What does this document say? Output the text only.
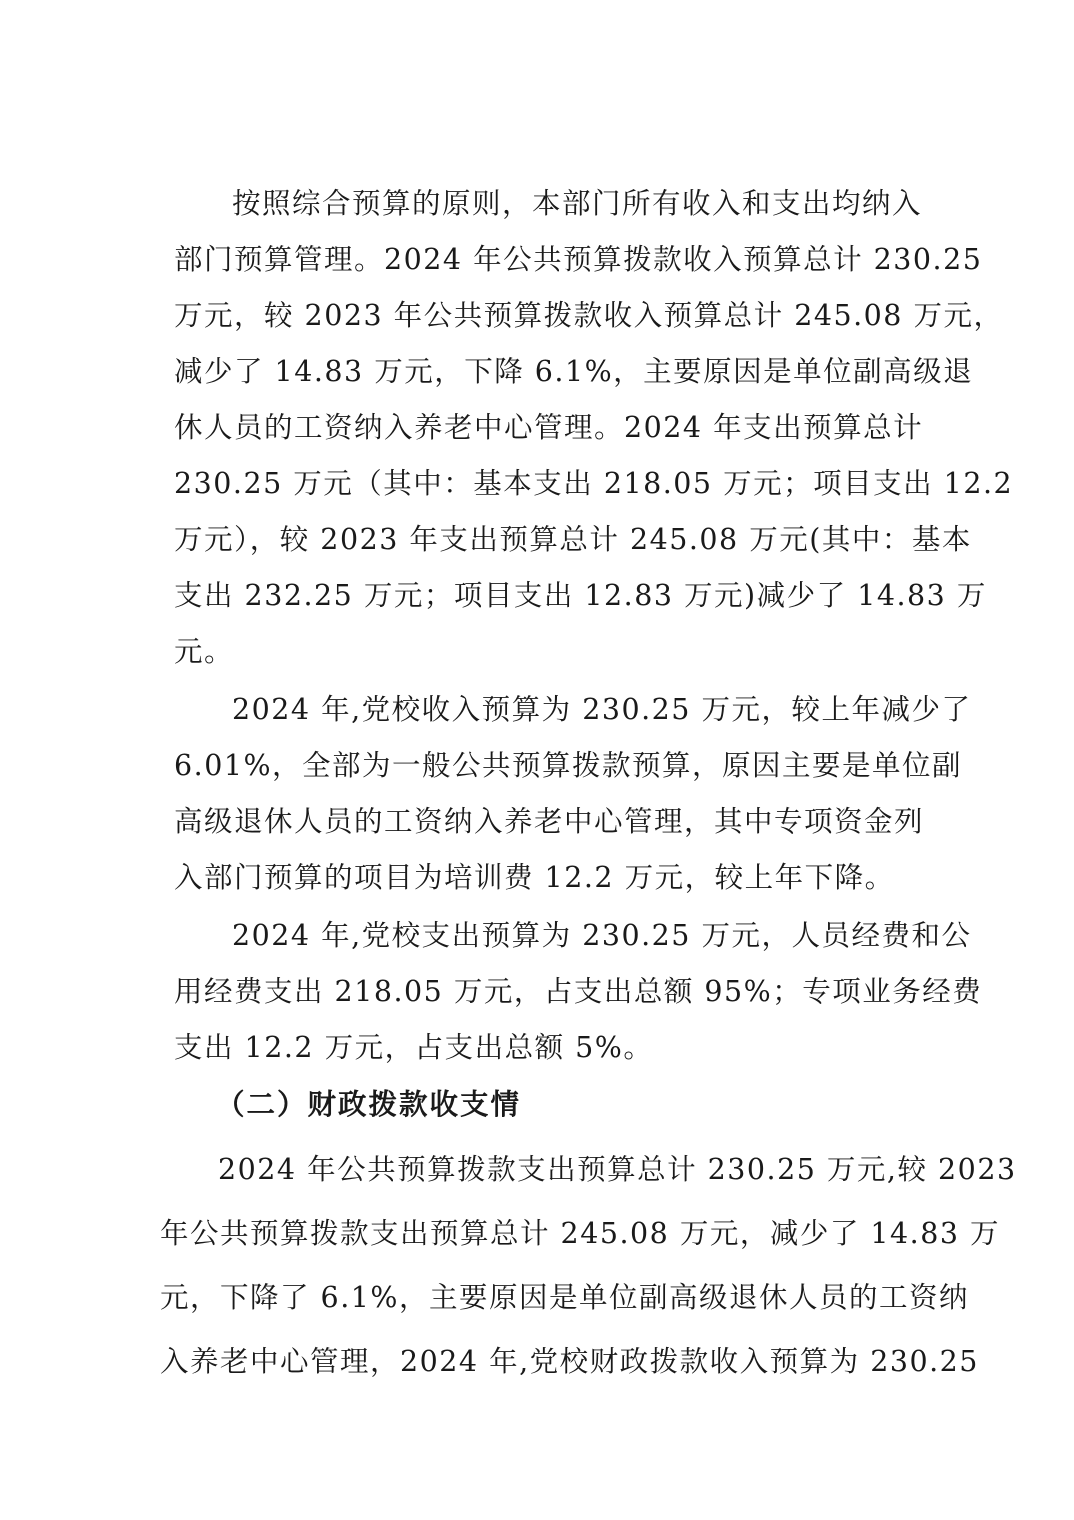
按照综合预算的原则，本部门所有收入和支出均纳入
部门预算管理。2024 年公共预算拨款收入预算总计 230.25
万元，较 2023 年公共预算拨款收入预算总计 245.08 万元，
减少了 14.83 万元，下降 6.1%，主要原因是单位副高级退
休人员的工资纳入养老中心管理。2024 年支出预算总计
230.25 万元（其中：基本支出 218.05 万元；项目支出 12.2
万元），较 2023 年支出预算总计 245.08 万元(其中：基本
支出 232.25 万元；项目支出 12.83 万元)减少了 14.83 万
元。
2024 年,党校收入预算为 230.25 万元，较上年减少了
6.01%，全部为一般公共预算拨款预算，原因主要是单位副
高级退休人员的工资纳入养老中心管理，其中专项资金列
入部门预算的项目为培训费 12.2 万元，较上年下降。
2024 年,党校支出预算为 230.25 万元，人员经费和公
用经费支出 218.05 万元，占支出总额 95%；专项业务经费
支出 12.2 万元，占支出总额 5%。
（二）财政拨款收支情
2024 年公共预算拨款支出预算总计 230.25 万元,较 2023
年公共预算拨款支出预算总计 245.08 万元，减少了 14.83 万
元，下降了 6.1%，主要原因是单位副高级退休人员的工资纳
入养老中心管理，2024 年,党校财政拨款收入预算为 230.25
